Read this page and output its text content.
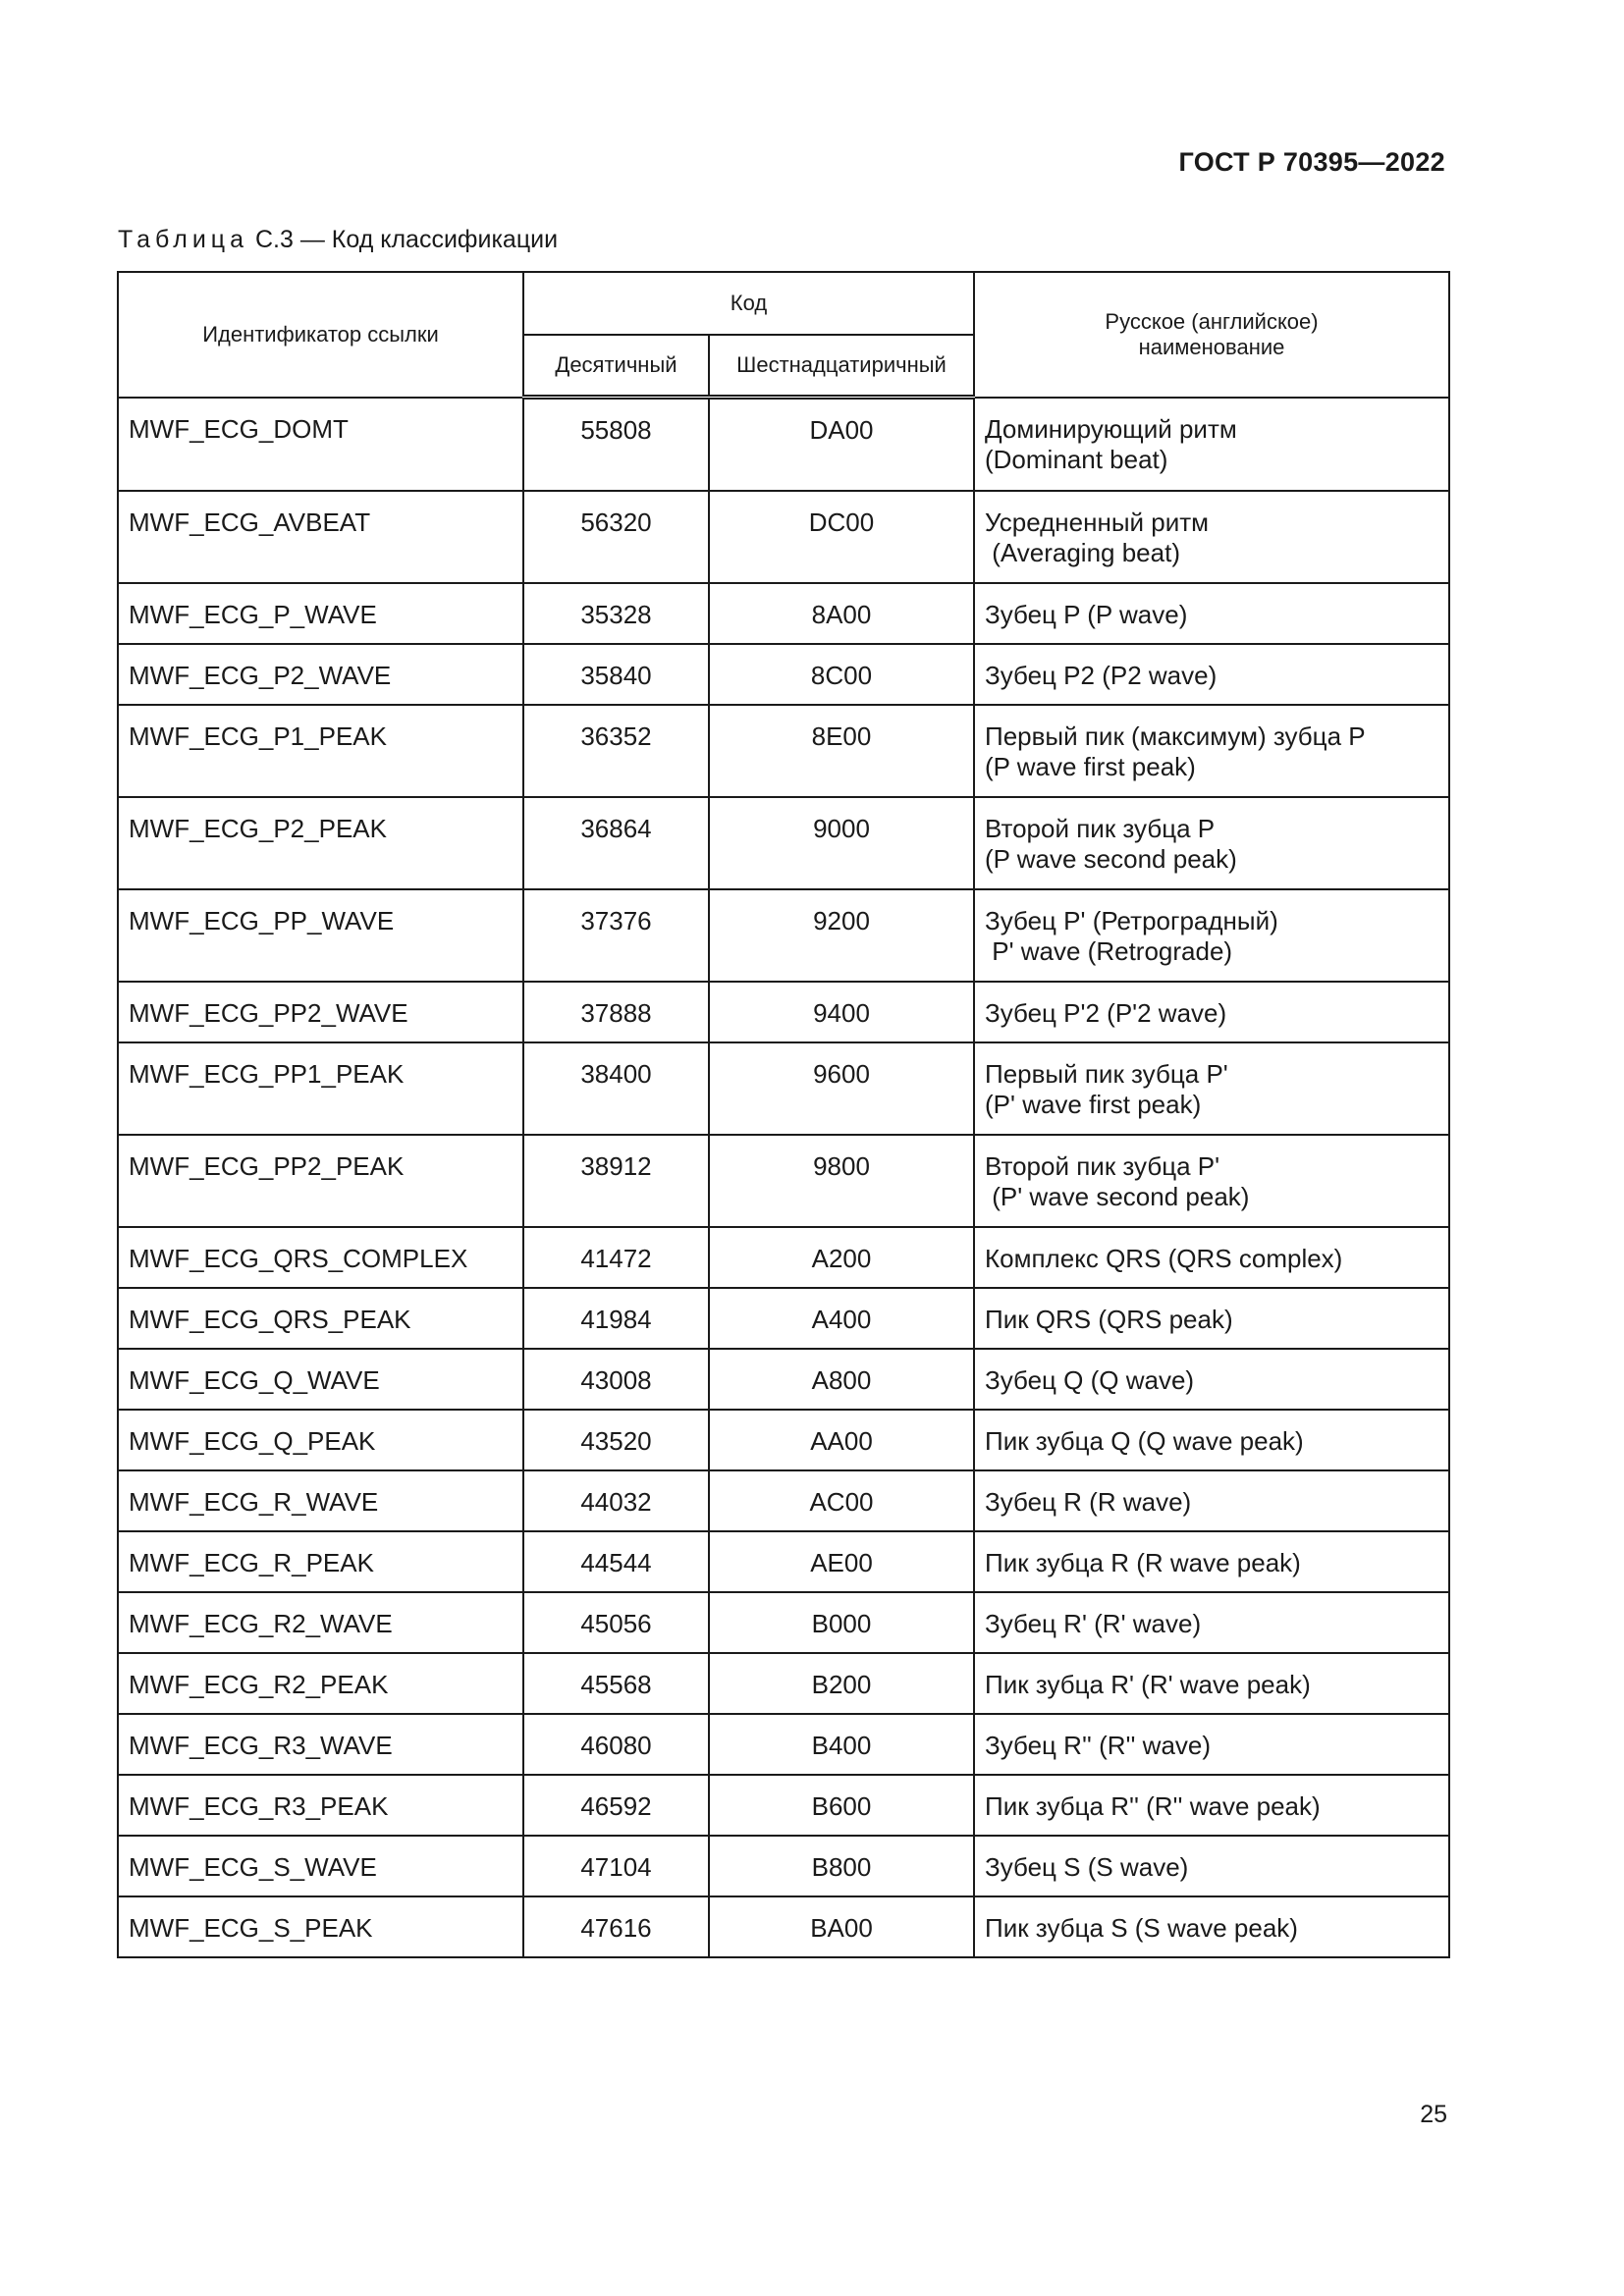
ГОСТ Р 70395—2022
Таблица С.3 — Код классификации
Идентификатор ссылки	Код		Русское (английское)
наименование
	Десятичный	Шестнадцатиричный	
MWF_ECG_DOMT	55808	DA00	Доминирующий ритм
(Dominant beat)
MWF_ECG_AVBEAT	56320	DC00	Усредненный ритм
(Averaging beat)
MWF_ECG_P_WAVE	35328	8A00	Зубец P (P wave)
MWF_ECG_P2_WAVE	35840	8C00	Зубец P2 (P2 wave)
MWF_ECG_P1_PEAK	36352	8E00	Первый пик (максимум) зубца P
(P wave first peak)
MWF_ECG_P2_PEAK	36864	9000	Второй пик зубца P
(P wave second peak)
MWF_ECG_PP_WAVE	37376	9200	Зубец P' (Ретроградный)
P' wave (Retrograde)
MWF_ECG_PP2_WAVE	37888	9400	Зубец P'2 (P'2 wave)
MWF_ECG_PP1_PEAK	38400	9600	Первый пик зубца P'
(P' wave first peak)
MWF_ECG_PP2_PEAK	38912	9800	Второй пик зубца P'
(P' wave second peak)
MWF_ECG_QRS_COMPLEX	41472	A200	Комплекс QRS (QRS complex)
MWF_ECG_QRS_PEAK	41984	A400	Пик QRS (QRS peak)
MWF_ECG_Q_WAVE	43008	A800	Зубец Q (Q wave)
MWF_ECG_Q_PEAK	43520	AA00	Пик зубца Q (Q wave peak)
MWF_ECG_R_WAVE	44032	AC00	Зубец R (R wave)
MWF_ECG_R_PEAK	44544	AE00	Пик зубца R (R wave peak)
MWF_ECG_R2_WAVE	45056	B000	Зубец R' (R' wave)
MWF_ECG_R2_PEAK	45568	B200	Пик зубца R' (R' wave peak)
MWF_ECG_R3_WAVE	46080	B400	Зубец R'' (R'' wave)
MWF_ECG_R3_PEAK	46592	B600	Пик зубца R'' (R'' wave peak)
MWF_ECG_S_WAVE	47104	B800	Зубец S (S wave)
MWF_ECG_S_PEAK	47616	BA00	Пик зубца S (S wave peak)
25
